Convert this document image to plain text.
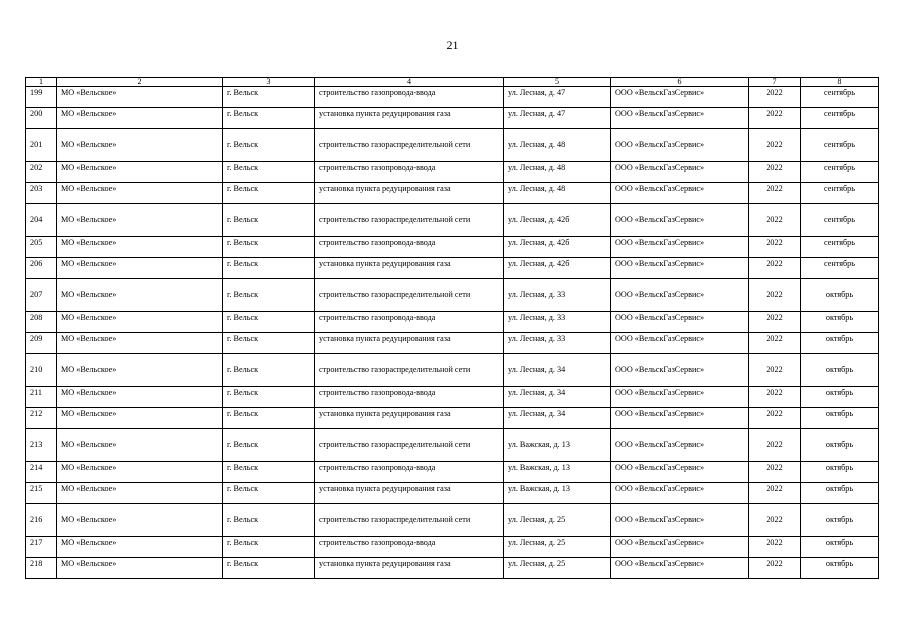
21
1	2	3	4	5	6	7	8
199	МО «Вельское»	г. Вельск	строительство газопровода-ввода	ул. Лесная, д. 47	ООО «ВельскГазСервис»	2022	сентябрь
200	МО «Вельское»	г. Вельск	установка пункта редуцирования газа	ул. Лесная, д. 47	ООО «ВельскГазСервис»	2022	сентябрь
201	МО «Вельское»	г. Вельск	строительство газораспределительной сети	ул. Лесная, д. 48	ООО «ВельскГазСервис»	2022	сентябрь
202	МО «Вельское»	г. Вельск	строительство газопровода-ввода	ул. Лесная, д. 48	ООО «ВельскГазСервис»	2022	сентябрь
203	МО «Вельское»	г. Вельск	установка пункта редуцирования газа	ул. Лесная, д. 48	ООО «ВельскГазСервис»	2022	сентябрь
204	МО «Вельское»	г. Вельск	строительство газораспределительной сети	ул. Лесная, д. 42б	ООО «ВельскГазСервис»	2022	сентябрь
205	МО «Вельское»	г. Вельск	строительство газопровода-ввода	ул. Лесная, д. 42б	ООО «ВельскГазСервис»	2022	сентябрь
206	МО «Вельское»	г. Вельск	установка пункта редуцирования газа	ул. Лесная, д. 42б	ООО «ВельскГазСервис»	2022	сентябрь
207	МО «Вельское»	г. Вельск	строительство газораспределительной сети	ул. Лесная, д. 33	ООО «ВельскГазСервис»	2022	октябрь
208	МО «Вельское»	г. Вельск	строительство газопровода-ввода	ул. Лесная, д. 33	ООО «ВельскГазСервис»	2022	октябрь
209	МО «Вельское»	г. Вельск	установка пункта редуцирования газа	ул. Лесная, д. 33	ООО «ВельскГазСервис»	2022	октябрь
210	МО «Вельское»	г. Вельск	строительство газораспределительной сети	ул. Лесная, д. 34	ООО «ВельскГазСервис»	2022	октябрь
211	МО «Вельское»	г. Вельск	строительство газопровода-ввода	ул. Лесная, д. 34	ООО «ВельскГазСервис»	2022	октябрь
212	МО «Вельское»	г. Вельск	установка пункта редуцирования газа	ул. Лесная, д. 34	ООО «ВельскГазСервис»	2022	октябрь
213	МО «Вельское»	г. Вельск	строительство газораспределительной сети	ул. Важская, д. 13	ООО «ВельскГазСервис»	2022	октябрь
214	МО «Вельское»	г. Вельск	строительство газопровода-ввода	ул. Важская, д. 13	ООО «ВельскГазСервис»	2022	октябрь
215	МО «Вельское»	г. Вельск	установка пункта редуцирования газа	ул. Важская, д. 13	ООО «ВельскГазСервис»	2022	октябрь
216	МО «Вельское»	г. Вельск	строительство газораспределительной сети	ул. Лесная, д. 25	ООО «ВельскГазСервис»	2022	октябрь
217	МО «Вельское»	г. Вельск	строительство газопровода-ввода	ул. Лесная, д. 25	ООО «ВельскГазСервис»	2022	октябрь
218	МО «Вельское»	г. Вельск	установка пункта редуцирования газа	ул. Лесная, д. 25	ООО «ВельскГазСервис»	2022	октябрь
